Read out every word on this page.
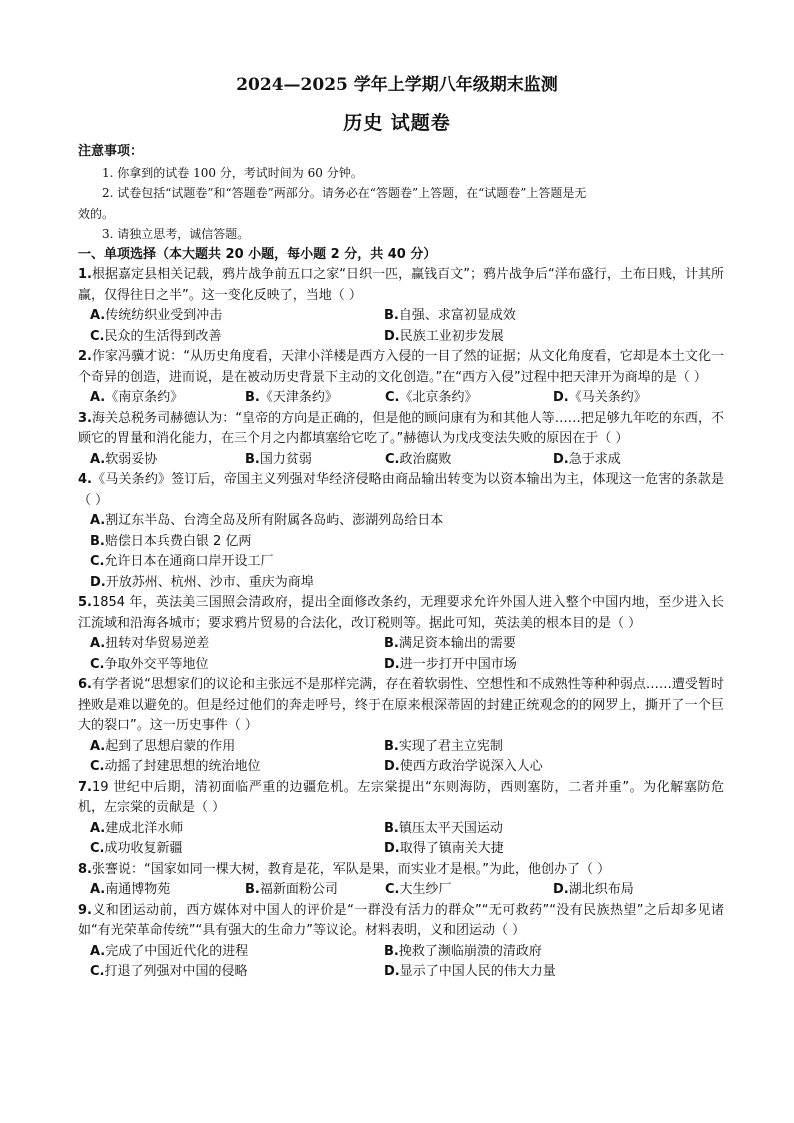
2024—2025 学年上学期八年级期末监测
历史 试题卷
注意事项：
1. 你拿到的试卷 100 分，考试时间为 60 分钟。
2. 试卷包括“试题卷”和“答题卷”两部分。请务必在“答题卷”上答题，在“试题卷”上答题是无
效的。
3. 请独立思考，诚信答题。
一、单项选择（本大题共 20 小题，每小题 2 分，共 40 分）
1.根据嘉定县相关记载，鸦片战争前五口之家“日织一匹，赢钱百文”；鸦片战争后“洋布盛行，土布日贱，计其所赢，仅得往日之半”。这一变化反映了，当地（ ）
A.传统纺织业受到冲击	B.自强、求富初显成效
C.民众的生活得到改善	D.民族工业初步发展
2.作家冯骥才说：“从历史角度看，天津小洋楼是西方入侵的一目了然的证据；从文化角度看，它却是本土文化一个奇异的创造，进而说，是在被动历史背景下主动的文化创造。”在“西方入侵”过程中把天津开为商埠的是（ ）
A.《南京条约》	B.《天津条约》	C.《北京条约》	D.《马关条约》
3.海关总税务司赫德认为：“皇帝的方向是正确的，但是他的顾问康有为和其他人等……把足够九年吃的东西，不顾它的胃量和消化能力，在三个月之内都填塞给它吃了。”赫德认为戊戌变法失败的原因在于（ ）
A.软弱妥协	B.国力贫弱	C.政治腐败	D.急于求成
4.《马关条约》签订后，帝国主义列强对华经济侵略由商品输出转变为以资本输出为主，体现这一危害的条款是（ ）
A.割辽东半岛、台湾全岛及所有附属各岛屿、澎湖列岛给日本
B.赔偿日本兵费白银 2 亿两
C.允许日本在通商口岸开设工厂
D.开放苏州、杭州、沙市、重庆为商埠
5.1854 年，英法美三国照会清政府，提出全面修改条约，无理要求允许外国人进入整个中国内地，至少进入长江流域和沿海各城市；要求鸦片贸易的合法化，改订税则等。据此可知，英法美的根本目的是（ ）
A.扭转对华贸易逆差	B.满足资本输出的需要
C.争取外交平等地位	D.进一步打开中国市场
6.有学者说“思想家们的议论和主张远不是那样完满，存在着软弱性、空想性和不成熟性等种种弱点……遭受暂时挫败是难以避免的。但是经过他们的奔走呼号，终于在原来根深蒂固的封建正统观念的的网罗上，撕开了一个巨大的裂口”。这一历史事件（ ）
A.起到了思想启蒙的作用	B.实现了君主立宪制
C.动摇了封建思想的统治地位	D.使西方政治学说深入人心
7.19 世纪中后期，清初面临严重的边疆危机。左宗棠提出“东则海防，西则塞防，二者并重”。为化解塞防危机，左宗棠的贡献是（ ）
A.建成北洋水师	B.镇压太平天国运动
C.成功收复新疆	D.取得了镇南关大捷
8.张謇说：“国家如同一棵大树，教育是花，军队是果，而实业才是根。”为此，他创办了（ ）
A.南通博物苑	B.福新面粉公司	C.大生纱厂	D.湖北织布局
9.义和团运动前，西方媒体对中国人的评价是“一群没有活力的群众”“无可救药”“没有民族热望”之后却多见诸如“有光荣革命传统”“具有强大的生命力”等议论。材料表明，义和团运动（ ）
A.完成了中国近代化的进程	B.挽救了濒临崩溃的清政府
C.打退了列强对中国的侵略	D.显示了中国人民的伟大力量
